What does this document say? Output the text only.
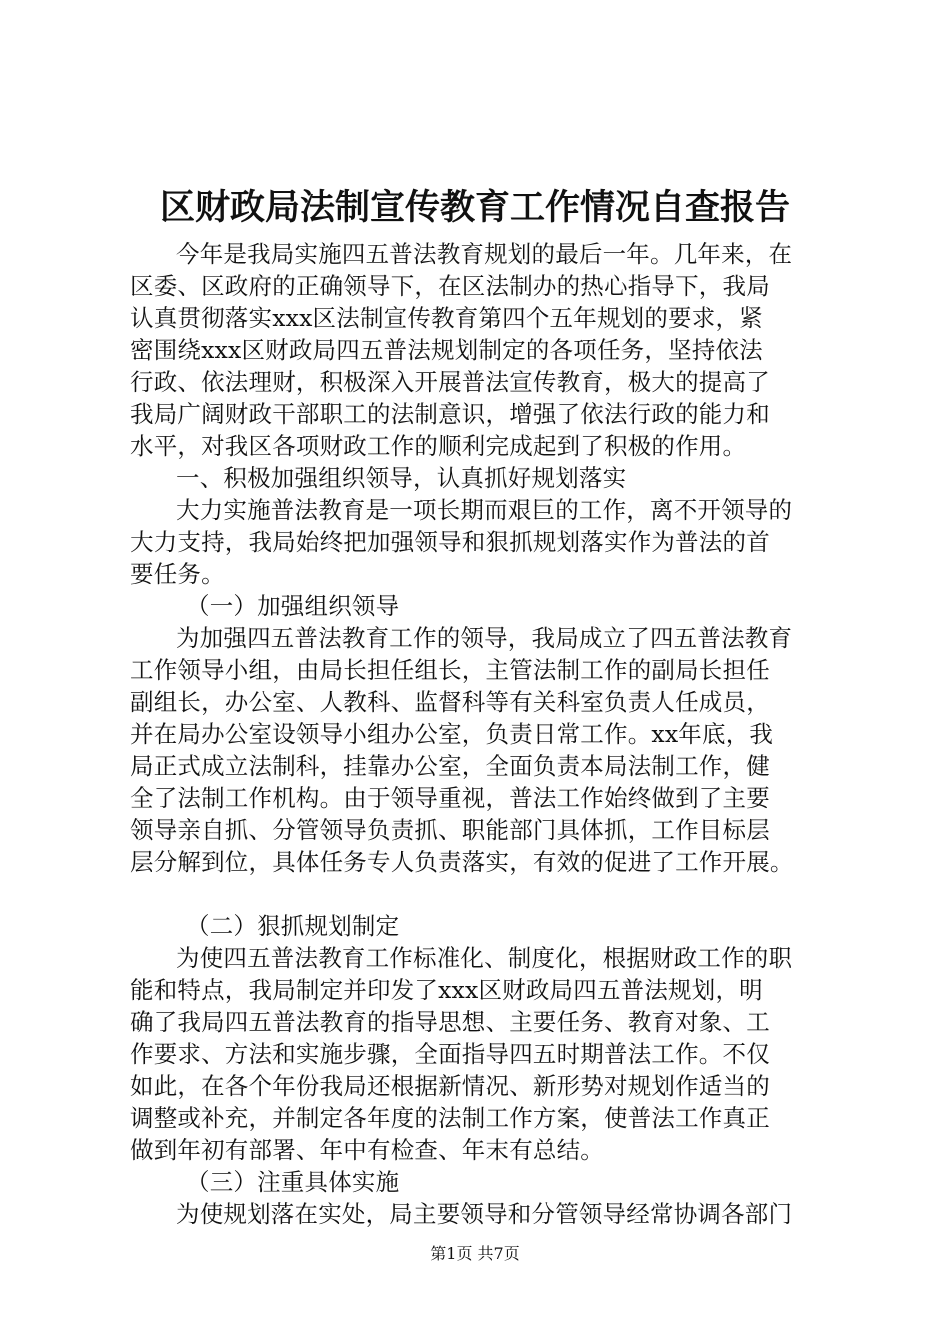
区财政局法制宣传教育工作情况自查报告
今年是我局实施四五普法教育规划的最后一年。几年来，在
区委、区政府的正确领导下，在区法制办的热心指导下，我局
认真贯彻落实xxx区法制宣传教育第四个五年规划的要求，紧
密围绕xxx区财政局四五普法规划制定的各项任务，坚持依法
行政、依法理财，积极深入开展普法宣传教育，极大的提高了
我局广阔财政干部职工的法制意识，增强了依法行政的能力和
水平，对我区各项财政工作的顺利完成起到了积极的作用。
一、积极加强组织领导，认真抓好规划落实
大力实施普法教育是一项长期而艰巨的工作，离不开领导的
大力支持，我局始终把加强领导和狠抓规划落实作为普法的首
要任务。
（一）加强组织领导
为加强四五普法教育工作的领导，我局成立了四五普法教育
工作领导小组，由局长担任组长，主管法制工作的副局长担任
副组长，办公室、人教科、监督科等有关科室负责人任成员，
并在局办公室设领导小组办公室，负责日常工作。xx年底，我
局正式成立法制科，挂靠办公室，全面负责本局法制工作，健
全了法制工作机构。由于领导重视，普法工作始终做到了主要
领导亲自抓、分管领导负责抓、职能部门具体抓，工作目标层
层分解到位，具体任务专人负责落实，有效的促进了工作开展。
（二）狠抓规划制定
为使四五普法教育工作标准化、制度化，根据财政工作的职
能和特点，我局制定并印发了xxx区财政局四五普法规划，明
确了我局四五普法教育的指导思想、主要任务、教育对象、工
作要求、方法和实施步骤，全面指导四五时期普法工作。不仅
如此，在各个年份我局还根据新情况、新形势对规划作适当的
调整或补充，并制定各年度的法制工作方案，使普法工作真正
做到年初有部署、年中有检查、年末有总结。
（三）注重具体实施
为使规划落在实处，局主要领导和分管领导经常协调各部门
第1页 共7页
